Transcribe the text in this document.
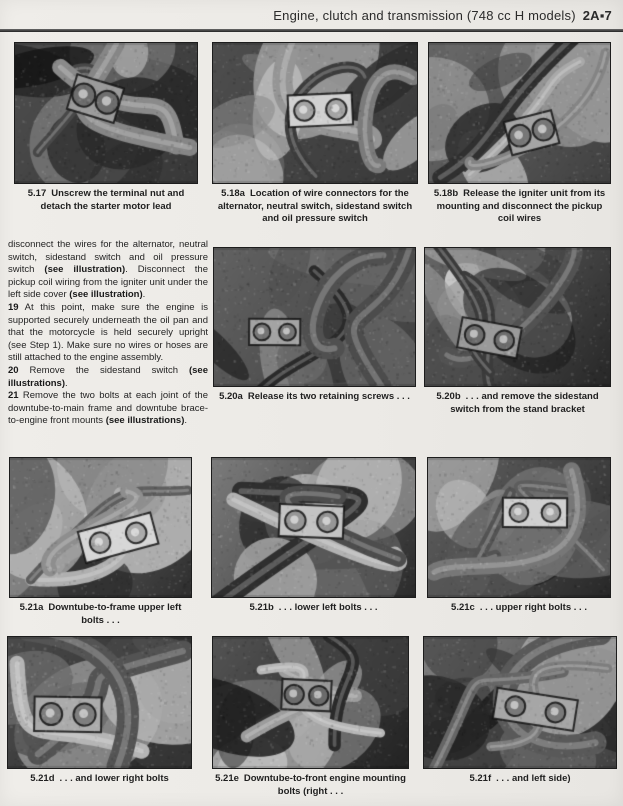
Engine, clutch and transmission (748 cc H models) 2A▪7
5.17 Unscrew the terminal nut and detach the starter motor lead
5.18a Location of wire connectors for the alternator, neutral switch, sidestand switch and oil pressure switch
5.18b Release the igniter unit from its mounting and disconnect the pickup coil wires

disconnect the wires for the alternator, neutral switch, sidestand switch and oil pressure switch (see illustration). Disconnect the pickup coil wiring from the igniter unit under the left side cover (see illustration).

19 At this point, make sure the engine is supported securely underneath the oil pan and that the motorcycle is held securely upright (see Step 1). Make sure no wires or hoses are still attached to the engine assembly.

20 Remove the sidestand switch (see illustrations).

21 Remove the two bolts at each joint of the downtube-to-main frame and downtube brace-to-engine front mounts (see illustrations).

5.20a Release its two retaining screws . . .	5.20b . . . and remove the sidestand switch from the stand bracket
5.21a Downtube-to-frame upper left bolts . . .
5.21b . . . lower left bolts . . .	5.21c . . . upper right bolts . . .
5.21d . . . and lower right bolts	5.21e Downtube-to-front engine mounting bolts (right . . .
5.21f . . . and left side)
